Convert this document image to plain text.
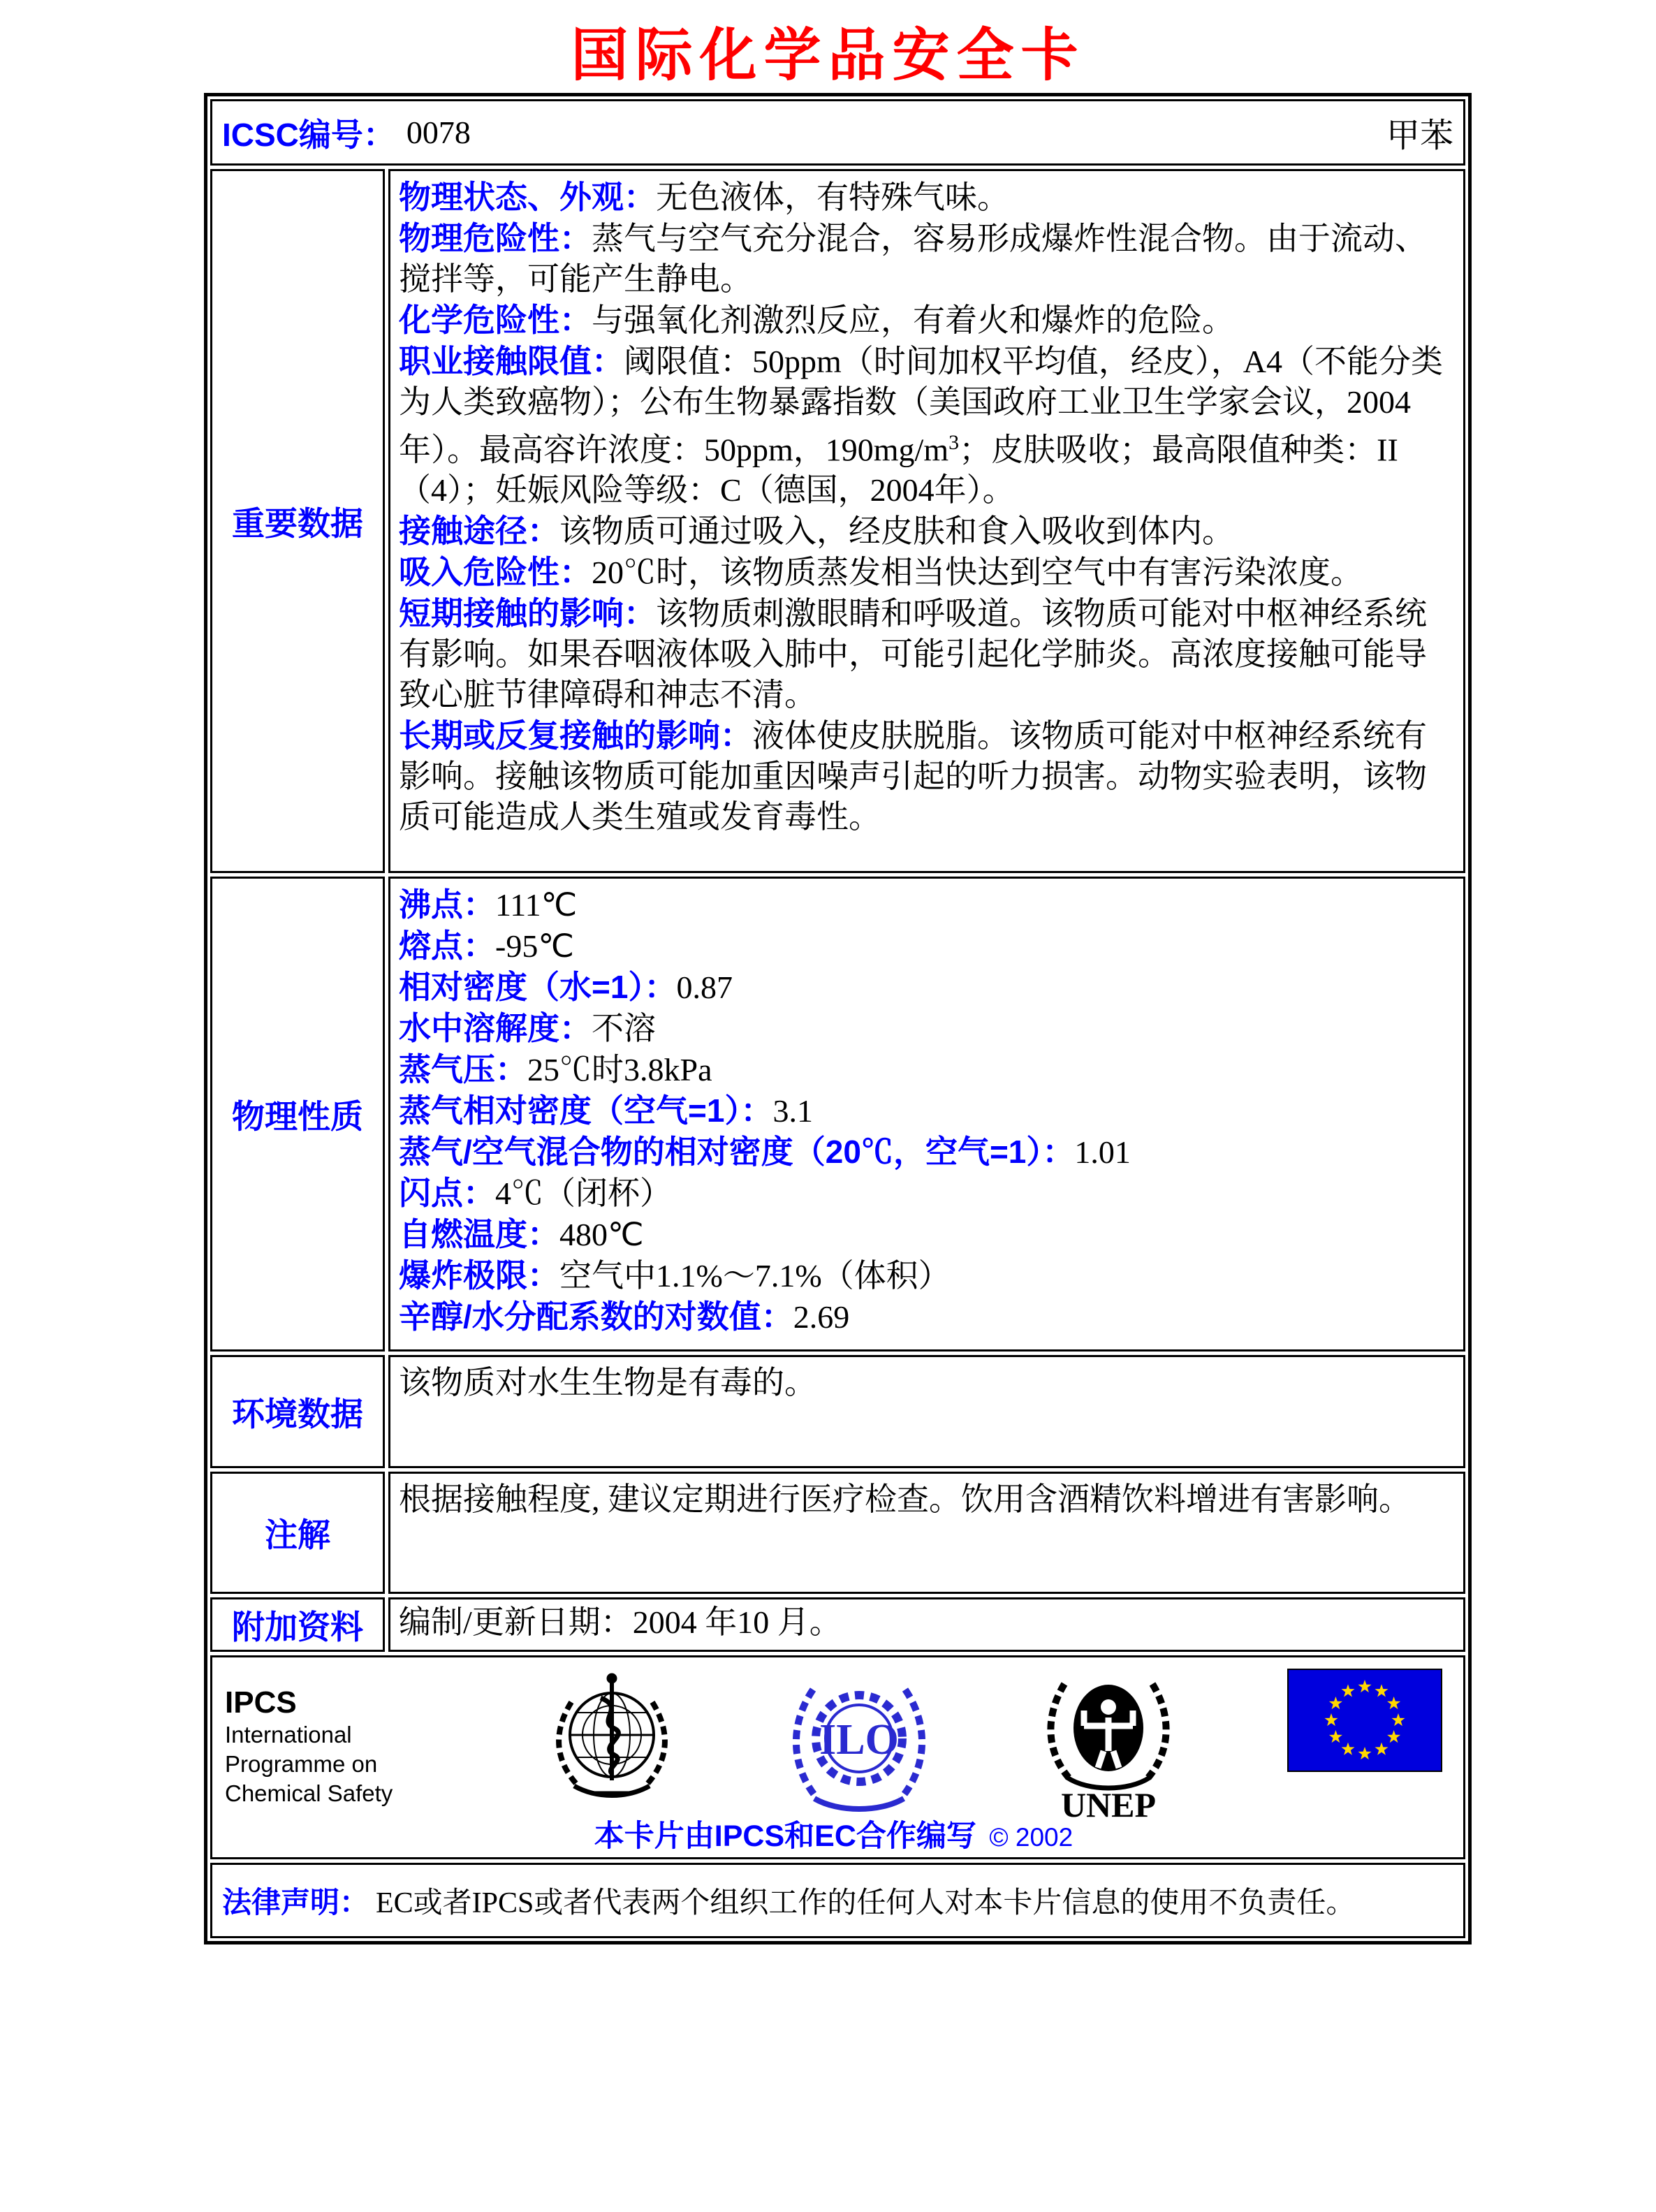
国际化学品安全卡
ICSC编号： 0078	甲苯
重要数据

物理状态、外观：无色液体，有特殊气味。

物理危险性：蒸气与空气充分混合，容易形成爆炸性混合物。由于流动、搅拌等，可能产生静电。

化学危险性：与强氧化剂激烈反应，有着火和爆炸的危险。

职业接触限值：阈限值：50ppm（时间加权平均值，经皮），A4（不能分类为人类致癌物）；公布生物暴露指数（美国政府工业卫生学家会议，2004年）。最高容许浓度：50ppm，$190mg/m^3$；皮肤吸收；最高限值种类：II（4）；妊娠风险等级：C（德国，2004年）。

接触途径：该物质可通过吸入，经皮肤和食入吸收到体内。

吸入危险性：20℃时，该物质蒸发相当快达到空气中有害污染浓度。

短期接触的影响：该物质刺激眼睛和呼吸道。该物质可能对中枢神经系统有影响。如果吞咽液体吸入肺中，可能引起化学肺炎。高浓度接触可能导致心脏节律障碍和神志不清。

长期或反复接触的影响：液体使皮肤脱脂。该物质可能对中枢神经系统有影响。接触该物质可能加重因噪声引起的听力损害。动物实验表明，该物质可能造成人类生殖或发育毒性。

物理性质

沸点：111℃

熔点：-95℃

相对密度（水=1）：0.87

水中溶解度：不溶

蒸气压：25℃时3.8kPa

蒸气相对密度（空气=1）：3.1

蒸气/空气混合物的相对密度（20℃，空气=1）：1.01

闪点：4℃（闭杯）

自燃温度：480℃

爆炸极限：空气中1.1%～7.1%（体积）

辛醇/水分配系数的对数值：2.69

环境数据

该物质对水生生物是有毒的。

注解

根据接触程度, 建议定期进行医疗检查。饮用含酒精饮料增进有害影响。

附加资料 编制/更新日期：2004 年10 月。

IPCS
International
Programme on
Chemical Safety
ILO
UNEP
本卡片由IPCS和EC合作编写 © 2002
法律声明： EC或者IPCS或者代表两个组织工作的任何人对本卡片信息的使用不负责任。
